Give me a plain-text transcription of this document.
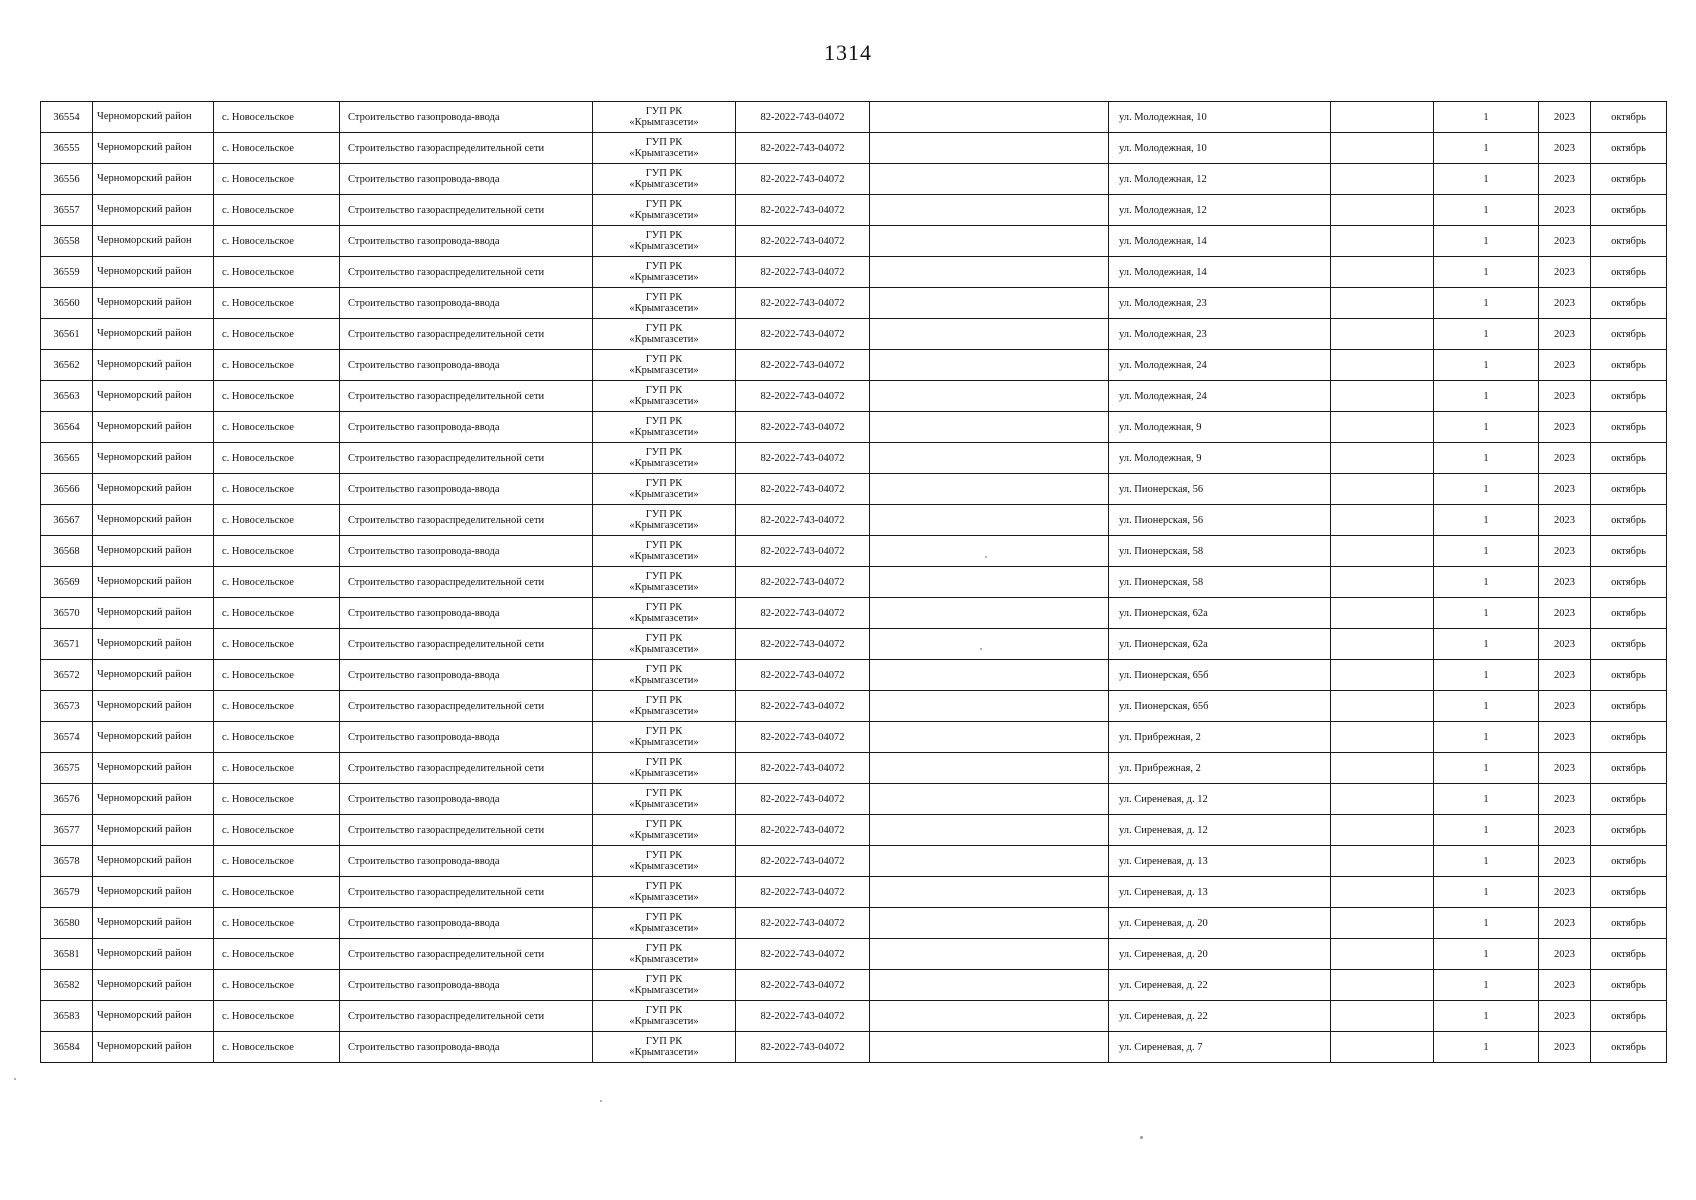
1314
36554	Черноморский район	с. Новосельское	Строительство газопровода-ввода	ГУП РК
«Крымгазсети»	82-2022-743-04072		ул. Молодежная, 10		1	2023	октябрь
36555	Черноморский район	с. Новосельское	Строительство газораспределительной сети	ГУП РК
«Крымгазсети»	82-2022-743-04072		ул. Молодежная, 10		1	2023	октябрь
36556	Черноморский район	с. Новосельское	Строительство газопровода-ввода	ГУП РК
«Крымгазсети»	82-2022-743-04072		ул. Молодежная, 12		1	2023	октябрь
36557	Черноморский район	с. Новосельское	Строительство газораспределительной сети	ГУП РК
«Крымгазсети»	82-2022-743-04072		ул. Молодежная, 12		1	2023	октябрь
36558	Черноморский район	с. Новосельское	Строительство газопровода-ввода	ГУП РК
«Крымгазсети»	82-2022-743-04072		ул. Молодежная, 14		1	2023	октябрь
36559	Черноморский район	с. Новосельское	Строительство газораспределительной сети	ГУП РК
«Крымгазсети»	82-2022-743-04072		ул. Молодежная, 14		1	2023	октябрь
36560	Черноморский район	с. Новосельское	Строительство газопровода-ввода	ГУП РК
«Крымгазсети»	82-2022-743-04072		ул. Молодежная, 23		1	2023	октябрь
36561	Черноморский район	с. Новосельское	Строительство газораспределительной сети	ГУП РК
«Крымгазсети»	82-2022-743-04072		ул. Молодежная, 23		1	2023	октябрь
36562	Черноморский район	с. Новосельское	Строительство газопровода-ввода	ГУП РК
«Крымгазсети»	82-2022-743-04072		ул. Молодежная, 24		1	2023	октябрь
36563	Черноморский район	с. Новосельское	Строительство газораспределительной сети	ГУП РК
«Крымгазсети»	82-2022-743-04072		ул. Молодежная, 24		1	2023	октябрь
36564	Черноморский район	с. Новосельское	Строительство газопровода-ввода	ГУП РК
«Крымгазсети»	82-2022-743-04072		ул. Молодежная, 9		1	2023	октябрь
36565	Черноморский район	с. Новосельское	Строительство газораспределительной сети	ГУП РК
«Крымгазсети»	82-2022-743-04072		ул. Молодежная, 9		1	2023	октябрь
36566	Черноморский район	с. Новосельское	Строительство газопровода-ввода	ГУП РК
«Крымгазсети»	82-2022-743-04072		ул. Пионерская, 56		1	2023	октябрь
36567	Черноморский район	с. Новосельское	Строительство газораспределительной сети	ГУП РК
«Крымгазсети»	82-2022-743-04072		ул. Пионерская, 56		1	2023	октябрь
36568	Черноморский район	с. Новосельское	Строительство газопровода-ввода	ГУП РК
«Крымгазсети»	82-2022-743-04072		ул. Пионерская, 58		1	2023	октябрь
36569	Черноморский район	с. Новосельское	Строительство газораспределительной сети	ГУП РК
«Крымгазсети»	82-2022-743-04072		ул. Пионерская, 58		1	2023	октябрь
36570	Черноморский район	с. Новосельское	Строительство газопровода-ввода	ГУП РК
«Крымгазсети»	82-2022-743-04072		ул. Пионерская, 62а		1	2023	октябрь
36571	Черноморский район	с. Новосельское	Строительство газораспределительной сети	ГУП РК
«Крымгазсети»	82-2022-743-04072		ул. Пионерская, 62а		1	2023	октябрь
36572	Черноморский район	с. Новосельское	Строительство газопровода-ввода	ГУП РК
«Крымгазсети»	82-2022-743-04072		ул. Пионерская, 65б		1	2023	октябрь
36573	Черноморский район	с. Новосельское	Строительство газораспределительной сети	ГУП РК
«Крымгазсети»	82-2022-743-04072		ул. Пионерская, 65б		1	2023	октябрь
36574	Черноморский район	с. Новосельское	Строительство газопровода-ввода	ГУП РК
«Крымгазсети»	82-2022-743-04072		ул. Прибрежная, 2		1	2023	октябрь
36575	Черноморский район	с. Новосельское	Строительство газораспределительной сети	ГУП РК
«Крымгазсети»	82-2022-743-04072		ул. Прибрежная, 2		1	2023	октябрь
36576	Черноморский район	с. Новосельское	Строительство газопровода-ввода	ГУП РК
«Крымгазсети»	82-2022-743-04072		ул. Сиреневая, д. 12		1	2023	октябрь
36577	Черноморский район	с. Новосельское	Строительство газораспределительной сети	ГУП РК
«Крымгазсети»	82-2022-743-04072		ул. Сиреневая, д. 12		1	2023	октябрь
36578	Черноморский район	с. Новосельское	Строительство газопровода-ввода	ГУП РК
«Крымгазсети»	82-2022-743-04072		ул. Сиреневая, д. 13		1	2023	октябрь
36579	Черноморский район	с. Новосельское	Строительство газораспределительной сети	ГУП РК
«Крымгазсети»	82-2022-743-04072		ул. Сиреневая, д. 13		1	2023	октябрь
36580	Черноморский район	с. Новосельское	Строительство газопровода-ввода	ГУП РК
«Крымгазсети»	82-2022-743-04072		ул. Сиреневая, д. 20		1	2023	октябрь
36581	Черноморский район	с. Новосельское	Строительство газораспределительной сети	ГУП РК
«Крымгазсети»	82-2022-743-04072		ул. Сиреневая, д. 20		1	2023	октябрь
36582	Черноморский район	с. Новосельское	Строительство газопровода-ввода	ГУП РК
«Крымгазсети»	82-2022-743-04072		ул. Сиреневая, д. 22		1	2023	октябрь
36583	Черноморский район	с. Новосельское	Строительство газораспределительной сети	ГУП РК
«Крымгазсети»	82-2022-743-04072		ул. Сиреневая, д. 22		1	2023	октябрь
36584	Черноморский район	с. Новосельское	Строительство газопровода-ввода	ГУП РК
«Крымгазсети»	82-2022-743-04072		ул. Сиреневая, д. 7		1	2023	октябрь
